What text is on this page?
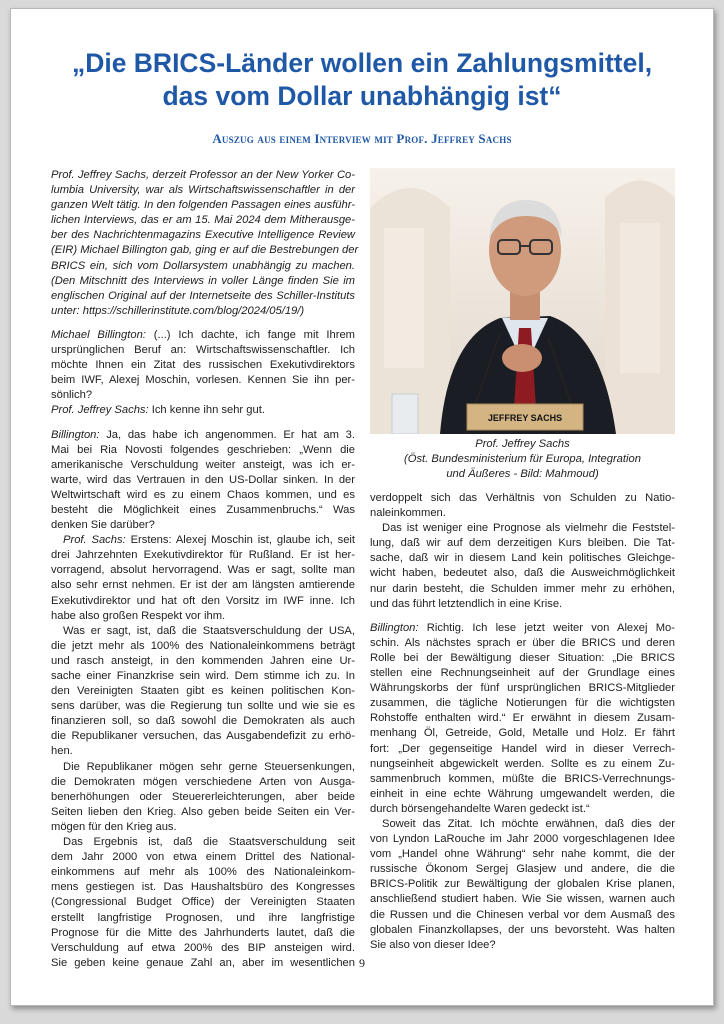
„Die BRICS-Länder wollen ein Zahlungsmittel,
das vom Dollar unabhängig ist“
Auszug aus einem Interview mit Prof. Jeffrey Sachs
Prof. Jeffrey Sachs, derzeit Professor an der New Yorker Co-
lumbia University, war als Wirtschaftswissenschaftler in der
ganzen Welt tätig. In den folgenden Passagen eines ausführ-
lichen Interviews, das er am 15. Mai 2024 dem Mitherausge-
ber des Nachrichtenmagazins Executive Intelligence Review
(EIR) Michael Billington gab, ging er auf die Bestrebungen der
BRICS ein, sich vom Dollarsystem unabhängig zu machen.
(Den Mitschnitt des Interviews in voller Länge finden Sie im
englischen Original auf der Internetseite des Schiller-Instituts
unter: https://schillerinstitute.com/blog/2024/05/19/)
Michael Billington: (...) Ich dachte, ich fange mit Ihrem
ursprünglichen Beruf an: Wirtschaftswissenschaftler. Ich
möchte Ihnen ein Zitat des russischen Exekutivdirektors
beim IWF, Alexej Moschin, vorlesen. Kennen Sie ihn per-
sönlich?
Prof. Jeffrey Sachs: Ich kenne ihn sehr gut.
Billington: Ja, das habe ich angenommen. Er hat am 3.
Mai bei Ria Novosti folgendes geschrieben: „Wenn die
amerikanische Verschuldung weiter ansteigt, was ich er-
warte, wird das Vertrauen in den US-Dollar sinken. In der
Weltwirtschaft wird es zu einem Chaos kommen, und es
besteht die Möglichkeit eines Zusammenbruchs.“ Was
denken Sie darüber?
Prof. Sachs: Erstens: Alexej Moschin ist, glaube ich, seit
drei Jahrzehnten Exekutivdirektor für Rußland. Er ist her-
vorragend, absolut hervorragend. Was er sagt, sollte man
also sehr ernst nehmen. Er ist der am längsten amtierende
Exekutivdirektor und hat oft den Vorsitz im IWF inne. Ich
habe also großen Respekt vor ihm.
Was er sagt, ist, daß die Staatsverschuldung der USA,
die jetzt mehr als 100% des Nationaleinkommens beträgt
und rasch ansteigt, in den kommenden Jahren eine Ur-
sache einer Finanzkrise sein wird. Dem stimme ich zu. In
den Vereinigten Staaten gibt es keinen politischen Kon-
sens darüber, was die Regierung tun sollte und wie sie es
finanzieren soll, so daß sowohl die Demokraten als auch
die Republikaner versuchen, das Ausgabendefizit zu erhö-
hen.
Die Republikaner mögen sehr gerne Steuersenkungen,
die Demokraten mögen verschiedene Arten von Ausga-
benerhöhungen oder Steuererleichterungen, aber beide
Seiten lieben den Krieg. Also geben beide Seiten ein Ver-
mögen für den Krieg aus.
Das Ergebnis ist, daß die Staatsverschuldung seit
dem Jahr 2000 von etwa einem Drittel des National-
einkommens auf mehr als 100% des Nationaleinkom-
mens gestiegen ist. Das Haushaltsbüro des Kongresses
(Congressional Budget Office) der Vereinigten Staaten
erstellt langfristige Prognosen, und ihre langfristige
Prognose für die Mitte des Jahrhunderts lautet, daß die
Verschuldung auf etwa 200% des BIP ansteigen wird.
Sie geben keine genaue Zahl an, aber im wesentlichen
JEFFREY SACHS
Prof. Jeffrey Sachs
(Öst. Bundesministerium für Europa, Integration
und Äußeres - Bild: Mahmoud)
verdoppelt sich das Verhältnis von Schulden zu Natio-
naleinkommen.
Das ist weniger eine Prognose als vielmehr die Feststel-
lung, daß wir auf dem derzeitigen Kurs bleiben. Die Tat-
sache, daß wir in diesem Land kein politisches Gleichge-
wicht haben, bedeutet also, daß die Ausweichmöglichkeit
nur darin besteht, die Schulden immer mehr zu erhöhen,
und das führt letztendlich in eine Krise.
Billington: Richtig. Ich lese jetzt weiter von Alexej Mo-
schin. Als nächstes sprach er über die BRICS und deren
Rolle bei der Bewältigung dieser Situation: „Die BRICS
stellen eine Rechnungseinheit auf der Grundlage eines
Währungskorbs der fünf ursprünglichen BRICS-Mitglieder
zusammen, die tägliche Notierungen für die wichtigsten
Rohstoffe enthalten wird.“ Er erwähnt in diesem Zusam-
menhang Öl, Getreide, Gold, Metalle und Holz. Er fährt
fort: „Der gegenseitige Handel wird in dieser Verrech-
nungseinheit abgewickelt werden. Sollte es zu einem Zu-
sammenbruch kommen, müßte die BRICS-Verrechnungs-
einheit in eine echte Währung umgewandelt werden, die
durch börsengehandelte Waren gedeckt ist.“
Soweit das Zitat. Ich möchte erwähnen, daß dies der
von Lyndon LaRouche im Jahr 2000 vorgeschlagenen Idee
vom „Handel ohne Währung“ sehr nahe kommt, die der
russische Ökonom Sergej Glasjew und andere, die die
BRICS-Politik zur Bewältigung der globalen Krise planen,
anschließend studiert haben. Wie Sie wissen, warnen auch
die Russen und die Chinesen verbal vor dem Ausmaß des
globalen Finanzkollapses, der uns bevorsteht. Was halten
Sie also von dieser Idee?
9
